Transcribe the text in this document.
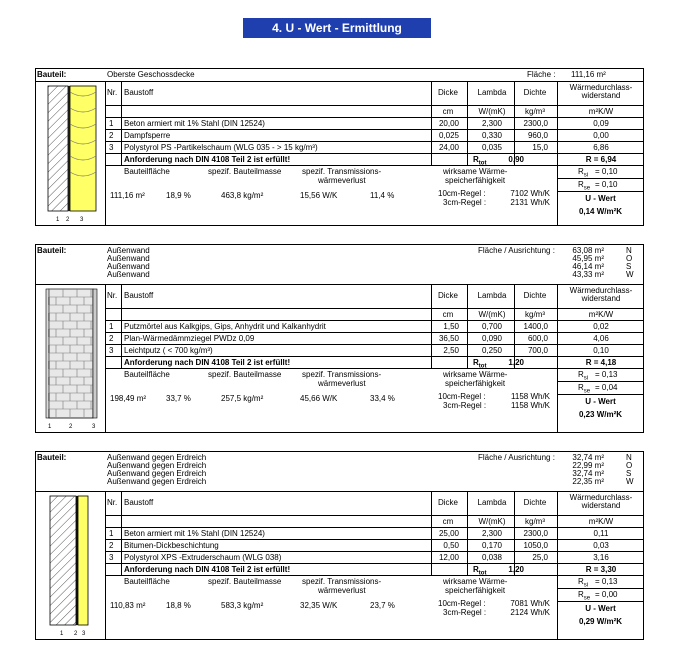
4. U - Wert - Ermittlung
Bauteil:	Oberste Geschossdecke	Fläche : 111,16 m²
1 2 3
Nr. Baustoff	Dicke	Lambda	Dichte
Wärmedurchlass-
widerstand
cm	W/(mK)	kg/m³	m²K/W
1 Beton armiert mit 1% Stahl (DIN 12524)	20,00	2,300	2300,0	0,09
2 Dampfsperre	0,025	0,330	960,0	0,00
3 Polystyrol PS -Partikelschaum (WLG 035 - > 15 kg/m³)	24,00	0,035	15,0	6,86
Anforderung nach DIN 4108 Teil 2 ist erfüllt!	$R_{tot}$	0,90	R = 6,94
Bauteilfläche	spezif. Bauteilmasse	spezif. Transmissions-
wärmeverlust
wirksame Wärme-
speicherfähigkeit
111,16 m²	18,9 %	463,8 kg/m²	15,56 W/K	11,4 %	10cm-Regel :	7102 Wh/K
3cm-Regel :	2131 Wh/K
$R_{si} = 0,10$
$R_{se} = 0,10$
U - Wert
0,14 W/m²K
Bauteil:	Außenwand	63,08 m²	N
Außenwand	45,95 m²	O
Außenwand	46,14 m²	S
Außenwand	43,33 m²	W
Fläche / Ausrichtung :
1	2	3
Nr. Baustoff	Dicke	Lambda	Dichte
Wärmedurchlass-
widerstand
cm	W/(mK)	kg/m³	m²K/W
1 Putzmörtel aus Kalkgips, Gips, Anhydrit und Kalkanhydrit	1,50	0,700	1400,0	0,02
2 Plan-Wärmedämmziegel PWDz 0,09	36,50	0,090	600,0	4,06
3 Leichtputz ( < 700 kg/m³)	2,50	0,250	700,0	0,10
Anforderung nach DIN 4108 Teil 2 ist erfüllt!	$R_{tot}$	1,20	R = 4,18
Bauteilfläche	spezif. Bauteilmasse	spezif. Transmissions-
wärmeverlust
wirksame Wärme-
speicherfähigkeit
198,49 m² 33,7 %	257,5 kg/m²	45,66 W/K	33,4 %	10cm-Regel :	1158 Wh/K
3cm-Regel :	1158 Wh/K
$R_{si} = 0,13$
$R_{se} = 0,04$
U - Wert
0,23 W/m²K
Bauteil:	Außenwand gegen Erdreich	32,74 m²	N
Außenwand gegen Erdreich	22,99 m²	O
Außenwand gegen Erdreich	32,74 m²	S
Außenwand gegen Erdreich	22,35 m²	W
Fläche / Ausrichtung :
1 2 3
Nr. Baustoff	Dicke	Lambda	Dichte
Wärmedurchlass-
widerstand
cm	W/(mK)	kg/m³	m²K/W
1 Beton armiert mit 1% Stahl (DIN 12524)	25,00	2,300	2300,0	0,11
2 Bitumen-Dickbeschichtung	0,50	0,170	1050,0	0,03
3 Polystyrol XPS -Extruderschaum (WLG 038)	12,00	0,038	25,0	3,16
Anforderung nach DIN 4108 Teil 2 ist erfüllt!	$R_{tot}$	1,20	R = 3,30
Bauteilfläche	spezif. Bauteilmasse	spezif. Transmissions-
wärmeverlust
wirksame Wärme-
speicherfähigkeit
110,83 m²	18,8 %	583,3 kg/m²	32,35 W/K	23,7 %	10cm-Regel :	7081 Wh/K
3cm-Regel :	2124 Wh/K
$R_{si} = 0,13$
$R_{se} = 0,00$
U - Wert
0,29 W/m²K
